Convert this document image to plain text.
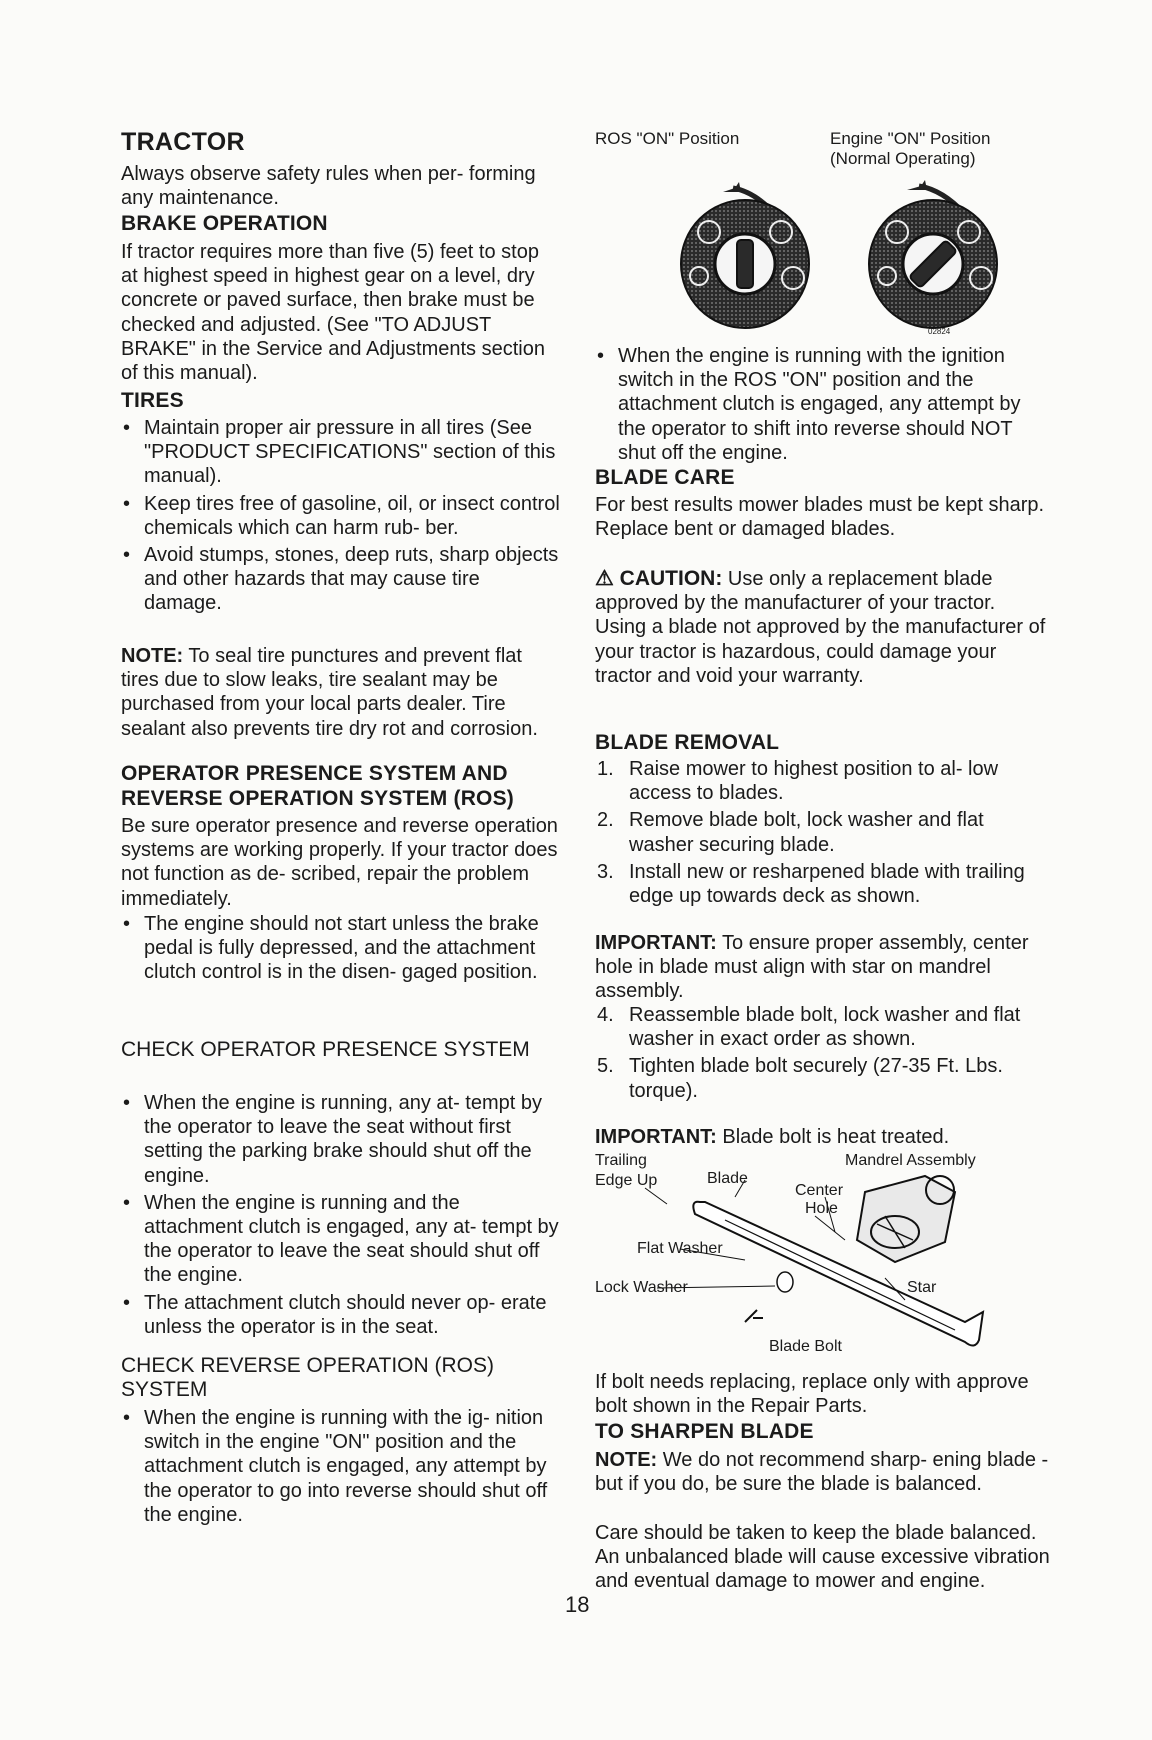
TRACTOR
Always observe safety rules when per- forming any maintenance.
BRAKE OPERATION
If tractor requires more than five (5) feet to stop at highest speed in highest gear on a level, dry concrete or paved surface, then brake must be checked and adjusted. (See "TO ADJUST BRAKE" in the Service and Adjustments section of this manual).
TIRES
• Maintain proper air pressure in all tires (See "PRODUCT SPECIFICATIONS" section of this manual).
• Keep tires free of gasoline, oil, or insect control chemicals which can harm rub- ber.
• Avoid stumps, stones, deep ruts, sharp objects and other hazards that may cause tire damage.
NOTE: To seal tire punctures and prevent flat tires due to slow leaks, tire sealant may be purchased from your local parts dealer. Tire sealant also prevents tire dry rot and corrosion.
OPERATOR PRESENCE SYSTEM AND REVERSE OPERATION SYSTEM (ROS)
Be sure operator presence and reverse operation systems are working properly. If your tractor does not function as de- scribed, repair the problem immediately.
• The engine should not start unless the brake pedal is fully depressed, and the attachment clutch control is in the disen- gaged position.
CHECK OPERATOR PRESENCE SYSTEM
• When the engine is running, any at- tempt by the operator to leave the seat without first setting the parking brake should shut off the engine.
• When the engine is running and the attachment clutch is engaged, any at- tempt by the operator to leave the seat should shut off the engine.
• The attachment clutch should never op- erate unless the operator is in the seat.
CHECK REVERSE OPERATION (ROS) SYSTEM
• When the engine is running with the ig- nition switch in the engine "ON" position and the attachment clutch is engaged, any attempt by the operator to go into reverse should shut off the engine.
ROS "ON" Position	Engine "ON" Position (Normal Operating)
02824
• When the engine is running with the ignition switch in the ROS "ON" position and the attachment clutch is engaged, any attempt by the operator to shift into reverse should NOT shut off the engine.
BLADE CARE
For best results mower blades must be kept sharp. Replace bent or damaged blades.
⚠ CAUTION: Use only a replacement blade approved by the manufacturer of your tractor. Using a blade not approved by the manufacturer of your tractor is hazardous, could damage your tractor and void your warranty.
BLADE REMOVAL
1. Raise mower to highest position to al- low access to blades.
2. Remove blade bolt, lock washer and flat washer securing blade.
3. Install new or resharpened blade with trailing edge up towards deck as shown.
IMPORTANT: To ensure proper assembly, center hole in blade must align with star on mandrel assembly.
4. Reassemble blade bolt, lock washer and flat washer in exact order as shown.
5. Tighten blade bolt securely (27-35 Ft. Lbs. torque).
IMPORTANT: Blade bolt is heat treated.
Trailing
Edge Up	Blade
Mandrel Assembly
Center
Hole
Flat Washer
Lock Washer	Star
Blade Bolt
If bolt needs replacing, replace only with approve bolt shown in the Repair Parts.
TO SHARPEN BLADE
NOTE: We do not recommend sharp- ening blade - but if you do, be sure the blade is balanced.
Care should be taken to keep the blade balanced. An unbalanced blade will cause excessive vibration and eventual damage to mower and engine.
18
